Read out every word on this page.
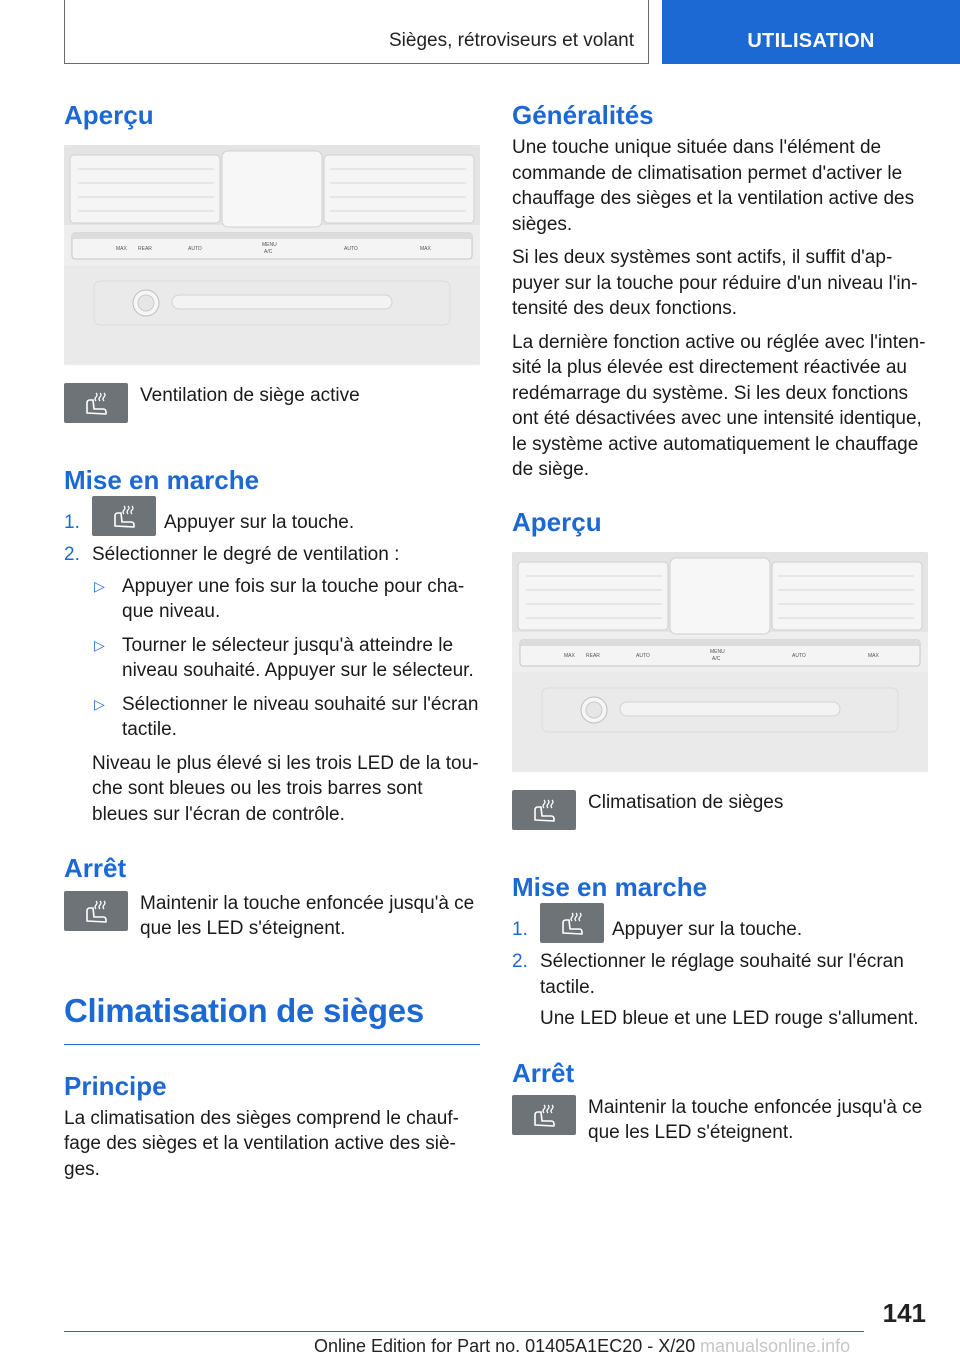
Sièges, rétroviseurs et volant	UTILISATION
Aperçu
MAX REAR	AUTO
MENU
A/C	AUTO	MAX
Ventilation de siège active
Mise en marche
1.	Appuyer sur la touche.
2. Sélectionner le degré de ventilation :
▷ Appuyer une fois sur la touche pour cha- que niveau.
▷ Tourner le sélecteur jusqu'à atteindre le niveau souhaité. Appuyer sur le sélecteur.
▷ Sélectionner le niveau souhaité sur l'écran tactile.
Niveau le plus élevé si les trois LED de la tou-che sont bleues ou les trois barres sont bleues sur l'écran de contrôle.
Arrêt
Maintenir la touche enfoncée jusqu'à ce que les LED s'éteignent.
Climatisation de sièges
Principe

La climatisation des sièges comprend le chauf-fage des sièges et la ventilation active des siè-ges.

Généralités

Une touche unique située dans l'élément de commande de climatisation permet d'activer le chauffage des sièges et la ventilation active des sièges.

Si les deux systèmes sont actifs, il suffit d'ap-puyer sur la touche pour réduire d'un niveau l'in-tensité des deux fonctions.

La dernière fonction active ou réglée avec l'inten-sité la plus élevée est directement réactivée au redémarrage du système. Si les deux fonctions ont été désactivées avec une intensité identique, le système active automatiquement le chauffage de siège.

Aperçu
MAX REAR	AUTO
MENU
A/C	AUTO	MAX
Climatisation de sièges
Mise en marche
1.	Appuyer sur la touche.
2. Sélectionner le réglage souhaité sur l'écran tactile.
Une LED bleue et une LED rouge s'allument.
Arrêt
Maintenir la touche enfoncée jusqu'à ce que les LED s'éteignent.
141
Online Edition for Part no. 01405A1EC20 - X/20 manualsonline.info
